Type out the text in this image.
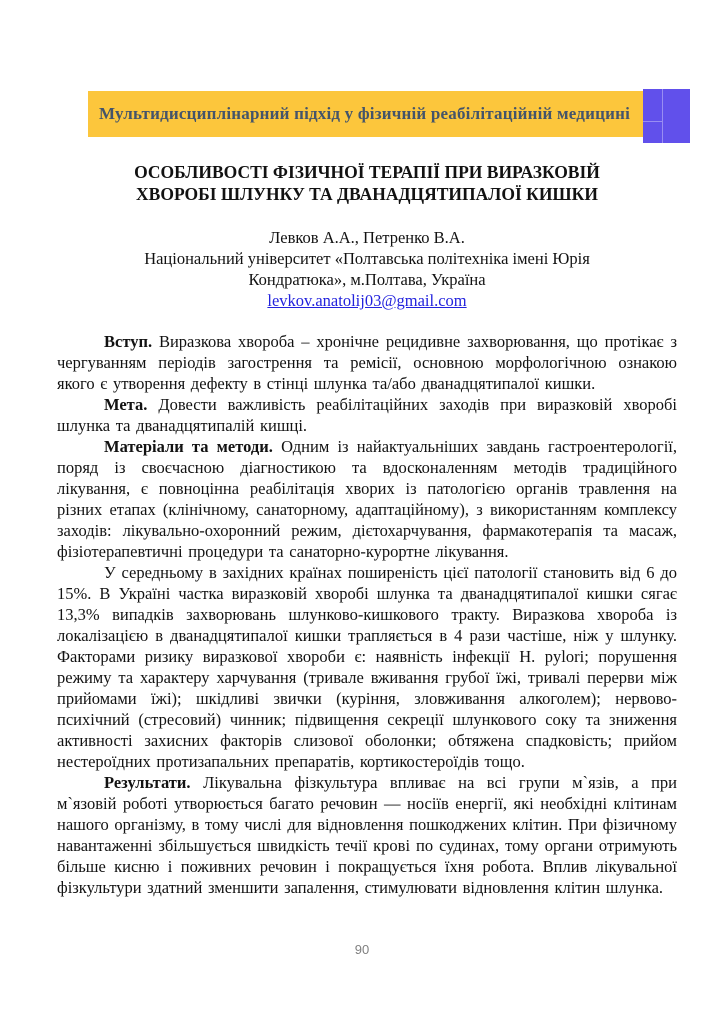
Мультидисциплінарний підхід у фізичній реабілітаційній медицині
ОСОБЛИВОСТІ ФІЗИЧНОЇ ТЕРАПІЇ ПРИ ВИРАЗКОВІЙ
ХВОРОБІ ШЛУНКУ ТА ДВАНАДЦЯТИПАЛОЇ КИШКИ

Левков А.А., Петренко В.А.

Національний університет «Полтавська політехніка імені Юрія
Кондратюка», м.Полтава, Україна

levkov.anatolij03@gmail.com

Вступ. Виразкова хвороба – хронічне рецидивне захворювання, що протікає з чергуванням періодів загострення та ремісії, основною морфологічною ознакою якого є утворення дефекту в стінці шлунка та/або дванадцятипалої кишки.

Мета. Довести важливість реабілітаційних заходів при виразковій хворобі шлунка та дванадцятипалій кишці.

Матеріали та методи. Одним із найактуальніших завдань гастроентерології, поряд із своєчасною діагностикою та вдосконаленням методів традиційного лікування, є повноцінна реабілітація хворих із патологією органів травлення на різних етапах (клінічному, санаторному, адаптаційному), з використанням комплексу заходів: лікувально-охоронний режим, дієтохарчування, фармакотерапія та масаж, фізіотерапевтичні процедури та санаторно-курортне лікування.

У середньому в західних країнах поширеність цієї патології становить від 6 до 15%. В Україні частка виразковій хворобі шлунка та дванадцятипалої кишки сягає 13,3% випадків захворювань шлунково-кишкового тракту. Виразкова хвороба із локалізацією в дванадцятипалої кишки трапляється в 4 рази частіше, ніж у шлунку. Факторами ризику виразкової хвороби є: наявність інфекції H. pylori; порушення режиму та характеру харчування (тривале вживання грубої їжі, тривалі перерви між прийомами їжі); шкідливі звички (куріння, зловживання алкоголем); нервово-психічний (стресовий) чинник; підвищення секреції шлункового соку та зниження активності захисних факторів слизової оболонки; обтяжена спадковість; прийом нестероїдних протизапальних препаратів, кортикостероїдів тощо.

Результати. Лікувальна фізкультура впливає на всі групи м`язів, а при м`язовій роботі утворюється багато речовин — носіїв енергії, які необхідні клітинам нашого організму, в тому числі для відновлення пошкоджених клітин. При фізичному навантаженні збільшується швидкість течії крові по судинах, тому органи отримують більше кисню і поживних речовин і покращується їхня робота. Вплив лікувальної фізкультури здатний зменшити запалення, стимулювати відновлення клітин шлунка.

90
